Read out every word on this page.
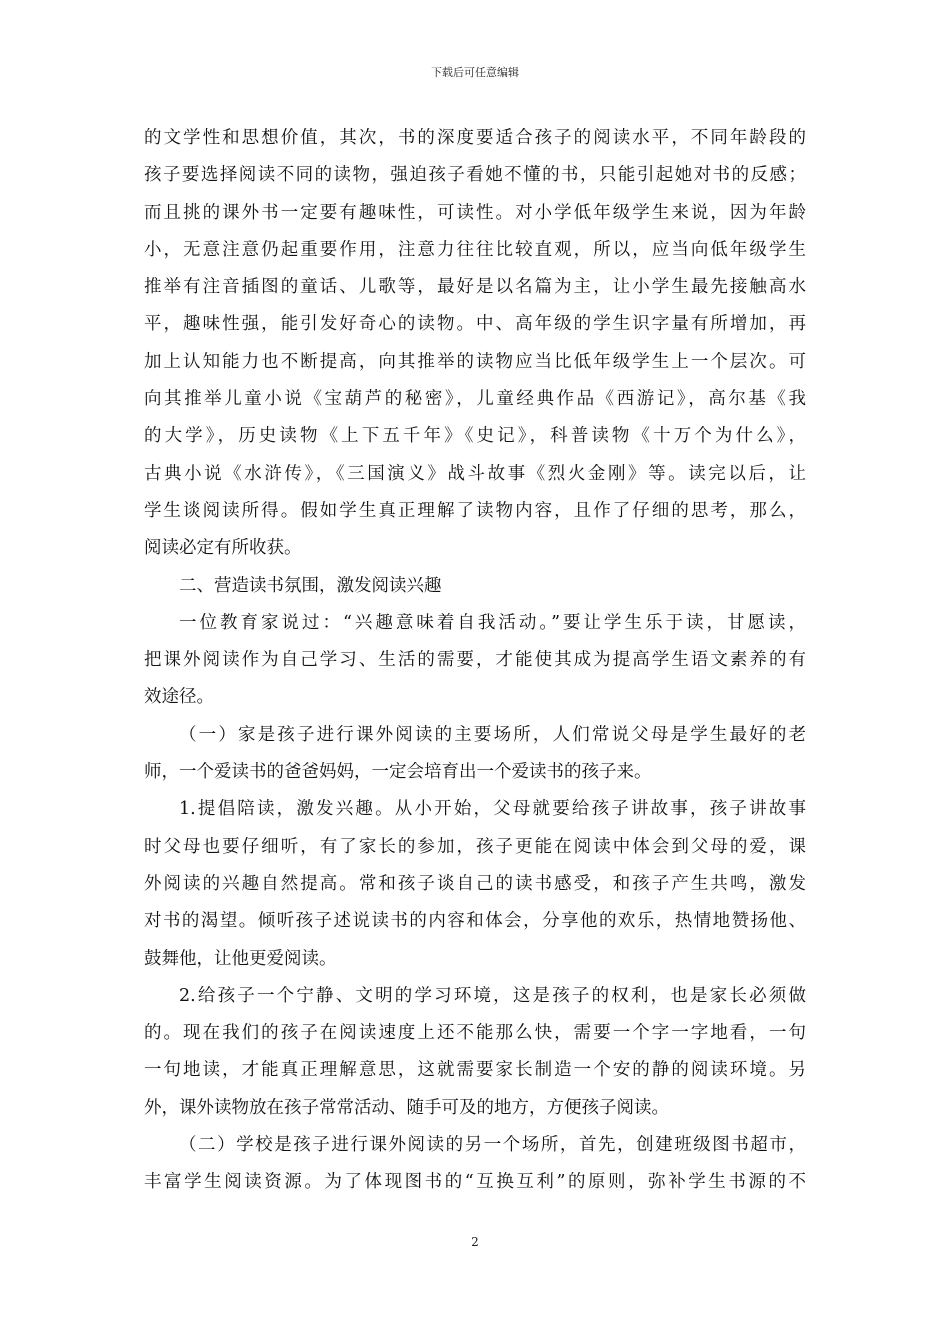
下载后可任意编辑
的文学性和思想价值，其次，书的深度要适合孩子的阅读水平，不同年龄段的
孩子要选择阅读不同的读物，强迫孩子看她不懂的书，只能引起她对书的反感；
而且挑的课外书一定要有趣味性，可读性。对小学低年级学生来说，因为年龄
小，无意注意仍起重要作用，注意力往往比较直观，所以，应当向低年级学生
推举有注音插图的童话、儿歌等，最好是以名篇为主，让小学生最先接触高水
平，趣味性强，能引发好奇心的读物。中、高年级的学生识字量有所增加，再
加上认知能力也不断提高，向其推举的读物应当比低年级学生上一个层次。可
向其推举儿童小说《宝葫芦的秘密》，儿童经典作品《西游记》，高尔基《我
的大学》，历史读物《上下五千年》《史记》，科普读物《十万个为什么》，
古典小说《水浒传》，《三国演义》战斗故事《烈火金刚》等。读完以后，让
学生谈阅读所得。假如学生真正理解了读物内容，且作了仔细的思考，那么，
阅读必定有所收获。
二、营造读书氛围，激发阅读兴趣
一位教育家说过：“兴趣意味着自我活动。”要让学生乐于读，甘愿读，
把课外阅读作为自己学习、生活的需要，才能使其成为提高学生语文素养的有
效途径。
（一）家是孩子进行课外阅读的主要场所，人们常说父母是学生最好的老
师，一个爱读书的爸爸妈妈，一定会培育出一个爱读书的孩子来。
1.提倡陪读，激发兴趣。从小开始，父母就要给孩子讲故事，孩子讲故事
时父母也要仔细听，有了家长的参加，孩子更能在阅读中体会到父母的爱，课
外阅读的兴趣自然提高。常和孩子谈自己的读书感受，和孩子产生共鸣，激发
对书的渴望。倾听孩子述说读书的内容和体会，分享他的欢乐，热情地赞扬他、
鼓舞他，让他更爱阅读。
2.给孩子一个宁静、文明的学习环境，这是孩子的权利，也是家长必须做
的。现在我们的孩子在阅读速度上还不能那么快，需要一个字一字地看，一句
一句地读，才能真正理解意思，这就需要家长制造一个安的静的阅读环境。另
外，课外读物放在孩子常常活动、随手可及的地方，方便孩子阅读。
（二）学校是孩子进行课外阅读的另一个场所，首先，创建班级图书超市，
丰富学生阅读资源。为了体现图书的“互换互利”的原则，弥补学生书源的不
2
